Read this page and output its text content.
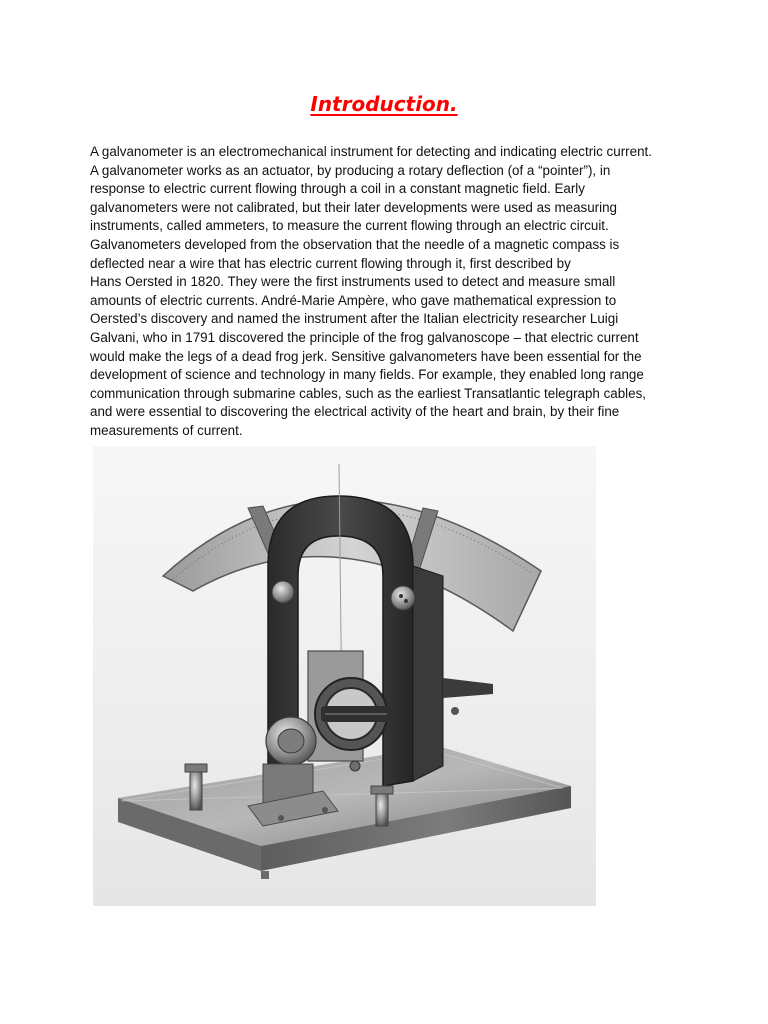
Introduction.
A galvanometer is an electromechanical instrument for detecting and indicating electric current.
A galvanometer works as an actuator, by producing a rotary deflection (of a “pointer”), in
response to electric current flowing through a coil in a constant magnetic field. Early
galvanometers were not calibrated, but their later developments were used as measuring
instruments, called ammeters, to measure the current flowing through an electric circuit.
Galvanometers developed from the observation that the needle of a magnetic compass is
deflected near a wire that has electric current flowing through it, first described by
Hans Oersted in 1820. They were the first instruments used to detect and measure small
amounts of electric currents. André-Marie Ampère, who gave mathematical expression to
Oersted’s discovery and named the instrument after the Italian electricity researcher Luigi
Galvani, who in 1791 discovered the principle of the frog galvanoscope – that electric current
would make the legs of a dead frog jerk. Sensitive galvanometers have been essential for the
development of science and technology in many fields. For example, they enabled long range
communication through submarine cables, such as the earliest Transatlantic telegraph cables,
and were essential to discovering the electrical activity of the heart and brain, by their fine
measurements of current.
